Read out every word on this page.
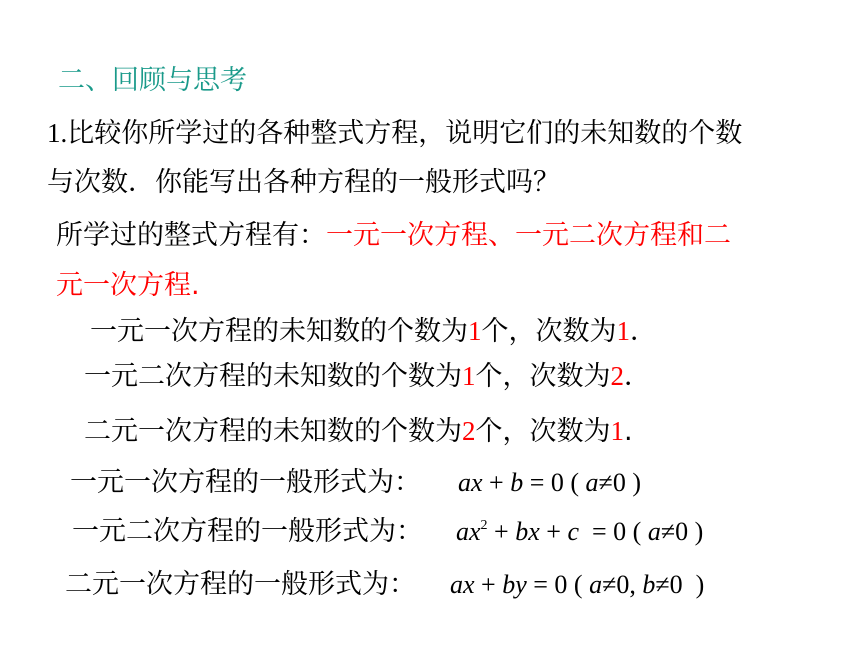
二、回顾与思考
1.比较你所学过的各种整式方程，说明它们的未知数的个数
与次数．你能写出各种方程的一般形式吗？
所学过的整式方程有：一元一次方程、一元二次方程和二
元一次方程.
一元一次方程的未知数的个数为1个，次数为1．
一元二次方程的未知数的个数为1个，次数为2．
二元一次方程的未知数的个数为2个，次数为1.
一元一次方程的一般形式为： ax + b = 0 ( a≠0 )
一元二次方程的一般形式为： $ax^2$ + bx + c  = 0 ( a≠0 )
二元一次方程的一般形式为： ax + by = 0 ( a≠0, b≠0  )
